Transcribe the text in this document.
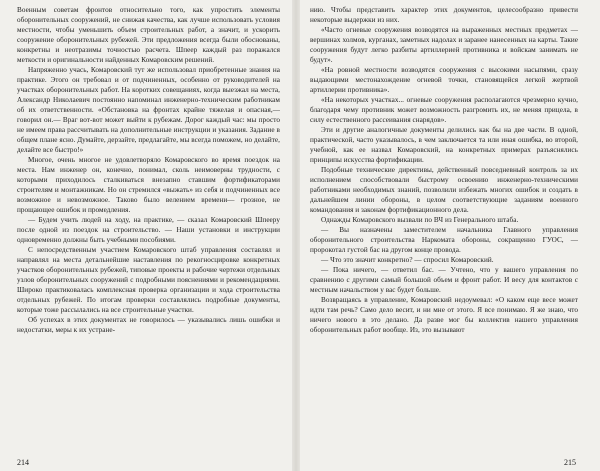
Военным советам фронтов относительно того, как упростить элементы оборонительных сооружений, не снижая качества, как лучше использовать условия местности, чтобы уменьшить объем строительных работ, а значит, и ускорить сооружение оборонительных рубежей. Эти предложения всегда были обоснованы, конкретны и неотразимы точностью расчета. Шпеер каждый раз поражался меткости и оригинальности найденных Комаровским решений.

Напряженно учась, Комаровский тут же использовал приобретенные знания на практике. Этого он требовал и от подчиненных, особенно от руководителей на участках оборонительных работ. На коротких совещаниях, когда выезжал на места, Александр Николаевич постоянно напоминал инженерно-техническим работникам об их ответственности. «Обстановка на фронтах крайне тяжелая и опасная,— говорил он.— Враг вот-вот может выйти к рубежам. Дорог каждый час: мы просто не имеем права рассчитывать на дополнительные инструкции и указания. Задание в общем плане ясно. Думайте, дерзайте, предлагайте, мы всегда поможем, но делайте, делайте все быстро!»

Многое, очень многое не удовлетворяло Комаровского во время поездок на места. Нам инженер он, конечно, понимал, сколь неимоверны трудности, с которыми приходилось сталкиваться внезапно ставшим фортификаторами строителям и монтажникам. Но он стремился «выжать» из себя и подчиненных все возможное и невозможное. Таково было велением времени— грозное, не прощающее ошибок и промедления.

— Будем учить людей на ходу, на практике, — сказал Комаровский Шпееру после одной из поездок на строительство. — Наши установки и инструкции одновременно должны быть учебными пособиями.

С непосредственным участием Комаровского штаб управления составлял и направлял на места детальнейшие наставления по рекогносцировке конкретных участков оборонительных рубежей, типовые проекты и рабочие чертежи отдельных узлов оборонительных сооружений с подробными пояснениями и рекомендациями. Широко практиковалась комплексная проверка организации и хода строительства отдельных рубежей. По итогам проверки составлялись подробные документы, которые тоже рассылались на все строительные участки.

Об успехах в этих документах не говорилось — указывались лишь ошибки и недостатки, меры к их устране-

214

нию. Чтобы представить характер этих документов, целесообразно привести некоторые выдержки из них.

«Часто огневые сооружения возводятся на выраженных местных предметах — вершинах холмов, курганах, заметных надолах и заранее нанесенных на карты. Такие сооружения будут легко разбиты артиллерией противника и войскам занимать не будут».

«На ровной местности возводятся сооружения с высокими насыпями, сразу выдающими местонахождение огневой точки, становящейся легкой жертвой артиллерии противника».

«На некоторых участках... огневые сооружения располагаются чрезмерно кучно, благодаря чему противник может возможность разгромить их, не меняя прицела, в силу естественного рассеивания снарядов».

Эти и другие аналогичные документы делились как бы на две части. В одной, практической, часто указывалось, в чем заключается та или иная ошибка, во второй, учебной, как ее назвал Комаровский, на конкретных примерах разъяснялись принципы искусства фортификации.

Подобные технические директивы, действенный повседневный контроль за их исполнением способствовали быстрому освоению инженерно-техническими работниками необходимых знаний, позволили избежать многих ошибок и создать в дальнейшем линии обороны, в целом соответствующие заданиям военного командования и законам фортификационного дела.

Однажды Комаровского вызвали по ВЧ из Генерального штаба.

— Вы назначены заместителем начальника Главного управления оборонительного строительства Наркомата обороны, сокращенно ГУОС, — пророкотал густой бас на другом конце провода.

— Что это значит конкретно? — спросил Комаровский.

— Пока ничего, — ответил бас. — Учтено, что у вашего управления по сравнению с другими самый большой объем и фронт работ. И весу для контактов с местным начальством у вас будет больше.

Возвращаясь в управление, Комаровский недоумевал: «О каком еще весе может идти там речь? Само дело весит, и ни мне от этого. Я все понимаю. Я же знаю, что ничего нового в это делано. Да разве мог бы коллектив нашего управления оборонительных работ вообще. Из, это вызывают

215
